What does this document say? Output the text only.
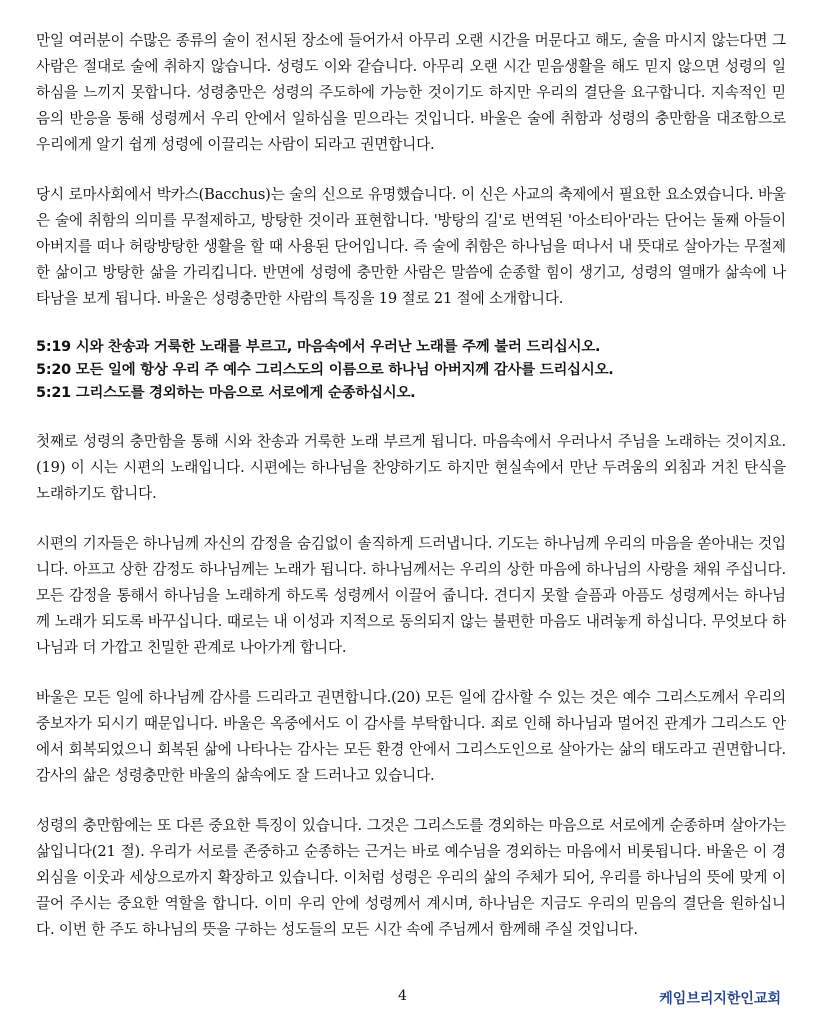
만일 여러분이 수많은 종류의 술이 전시된 장소에 들어가서 아무리 오랜 시간을 머문다고 해도, 술을 마시지 않는다면 그 사람은 절대로 술에 취하지 않습니다. 성령도 이와 같습니다. 아무리 오랜 시간 믿음생활을 해도 믿지 않으면 성령의 일하심을 느끼지 못합니다. 성령충만은 성령의 주도하에 가능한 것이기도 하지만 우리의 결단을 요구합니다. 지속적인 믿음의 반응을 통해 성령께서 우리 안에서 일하심을 믿으라는 것입니다. 바울은 술에 취함과 성령의 충만함을 대조함으로 우리에게 알기 쉽게 성령에 이끌리는 사람이 되라고 권면합니다.

당시 로마사회에서 박카스(Bacchus)는 술의 신으로 유명했습니다. 이 신은 사교의 축제에서 필요한 요소였습니다. 바울은 술에 취함의 의미를 무절제하고, 방탕한 것이라 표현합니다. '방탕의 길'로 번역된 '아소티아'라는 단어는 둘째 아들이 아버지를 떠나 허랑방탕한 생활을 할 때 사용된 단어입니다. 즉 술에 취함은 하나님을 떠나서 내 뜻대로 살아가는 무절제한 삶이고 방탕한 삶을 가리킵니다. 반면에 성령에 충만한 사람은 말씀에 순종할 힘이 생기고, 성령의 열매가 삶속에 나타남을 보게 됩니다. 바울은 성령충만한 사람의 특징을 19 절로 21 절에 소개합니다.

5:19 시와 찬송과 거룩한 노래를 부르고, 마음속에서 우러난 노래를 주께 불러 드리십시오.
5:20 모든 일에 항상 우리 주 예수 그리스도의 이름으로 하나님 아버지께 감사를 드리십시오.
5:21 그리스도를 경외하는 마음으로 서로에게 순종하십시오.

첫째로 성령의 충만함을 통해 시와 찬송과 거룩한 노래 부르게 됩니다. 마음속에서 우러나서 주님을 노래하는 것이지요. (19) 이 시는 시편의 노래입니다. 시편에는 하나님을 찬양하기도 하지만 현실속에서 만난 두려움의 외침과 거친 탄식을 노래하기도 합니다.

시편의 기자들은 하나님께 자신의 감정을 숨김없이 솔직하게 드러냅니다. 기도는 하나님께 우리의 마음을 쏟아내는 것입니다. 아프고 상한 감정도 하나님께는 노래가 됩니다. 하나님께서는 우리의 상한 마음에 하나님의 사랑을 채워 주십니다. 모든 감정을 통해서 하나님을 노래하게 하도록 성령께서 이끌어 줍니다. 견디지 못할 슬픔과 아픔도 성령께서는 하나님께 노래가 되도록 바꾸십니다. 때로는 내 이성과 지적으로 동의되지 않는 불편한 마음도 내려놓게 하십니다. 무엇보다 하나님과 더 가깝고 친밀한 관계로 나아가게 합니다.

바울은 모든 일에 하나님께 감사를 드리라고 권면합니다.(20) 모든 일에 감사할 수 있는 것은 예수 그리스도께서 우리의 중보자가 되시기 때문입니다. 바울은 옥중에서도 이 감사를 부탁합니다. 죄로 인해 하나님과 멀어진 관계가 그리스도 안에서 회복되었으니 회복된 삶에 나타나는 감사는 모든 환경 안에서 그리스도인으로 살아가는 삶의 태도라고 권면합니다. 감사의 삶은 성령충만한 바울의 삶속에도 잘 드러나고 있습니다.

성령의 충만함에는 또 다른 중요한 특징이 있습니다. 그것은 그리스도를 경외하는 마음으로 서로에게 순종하며 살아가는 삶입니다(21 절). 우리가 서로를 존중하고 순종하는 근거는 바로 예수님을 경외하는 마음에서 비롯됩니다. 바울은 이 경외심을 이웃과 세상으로까지 확장하고 있습니다. 이처럼 성령은 우리의 삶의 주체가 되어, 우리를 하나님의 뜻에 맞게 이끌어 주시는 중요한 역할을 합니다. 이미 우리 안에 성령께서 계시며, 하나님은 지금도 우리의 믿음의 결단을 원하십니다. 이번 한 주도 하나님의 뜻을 구하는 성도들의 모든 시간 속에 주님께서 함께해 주실 것입니다.

4	케임브리지한인교회
